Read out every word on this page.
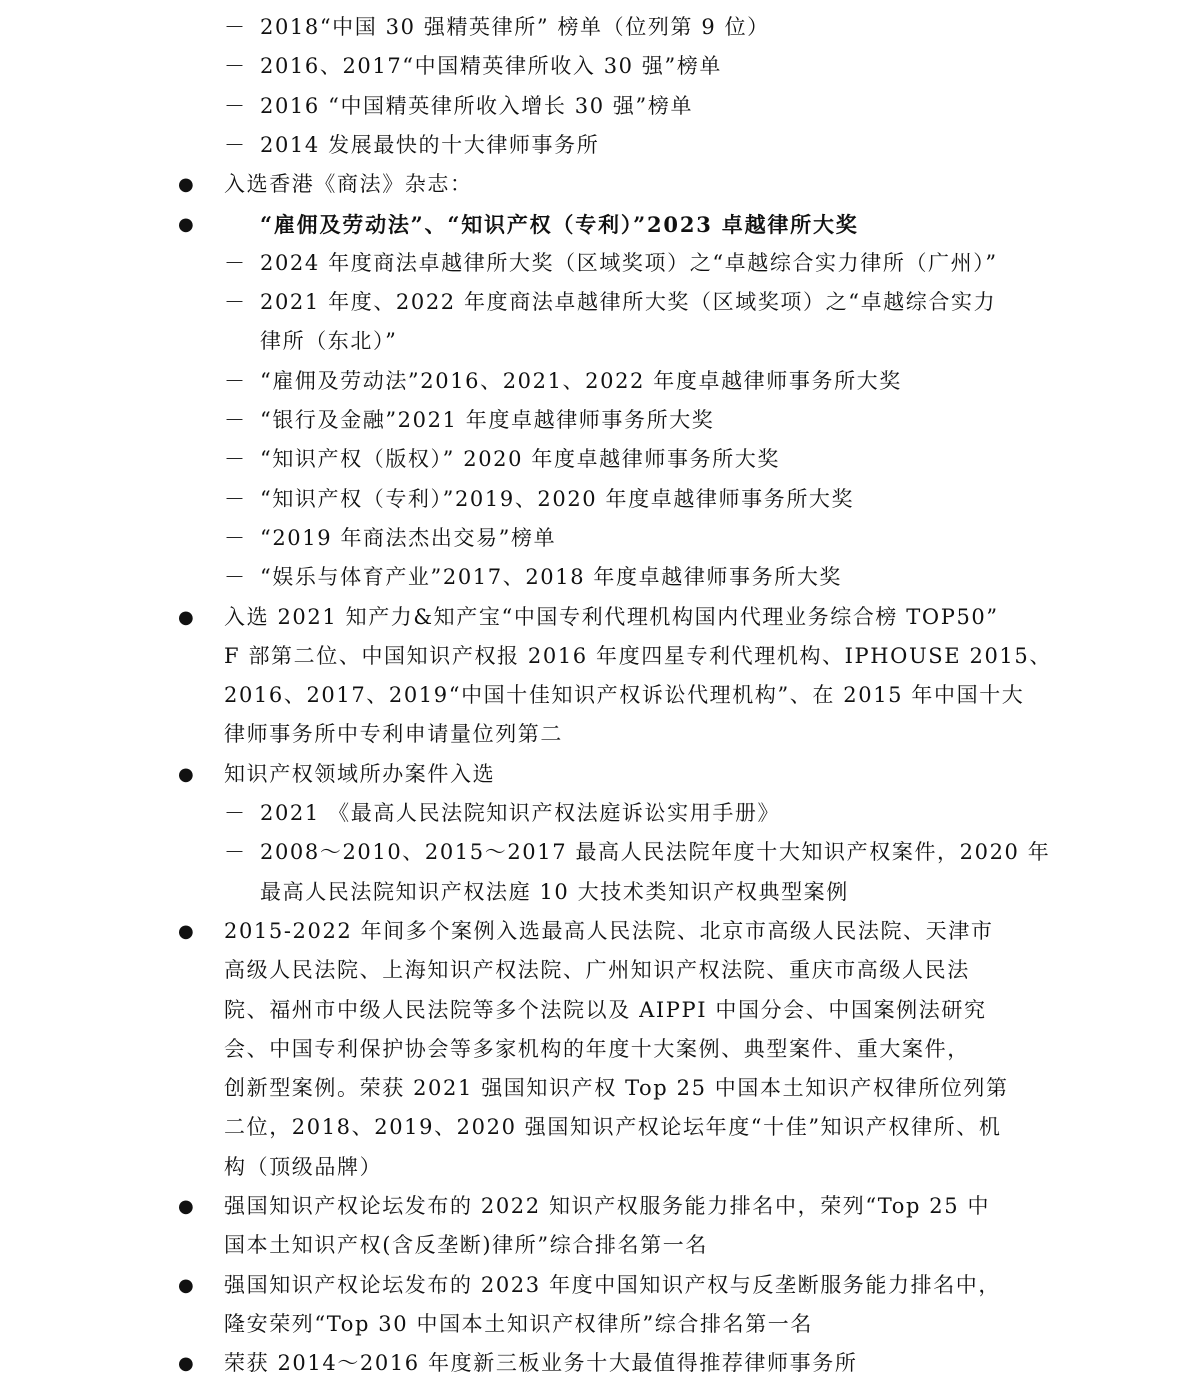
－ 2018“中国 30 强精英律所” 榜单（位列第 9 位）
－ 2016、2017“中国精英律所收入 30 强”榜单
－ 2016 “中国精英律所收入增长 30 强”榜单
－ 2014 发展最快的十大律师事务所
● 入选香港《商法》杂志：
●	“雇佣及劳动法”、“知识产权（专利）”2023 卓越律所大奖
－ 2024 年度商法卓越律所大奖（区域奖项）之“卓越综合实力律所（广州）”
－ 2021 年度、2022 年度商法卓越律所大奖（区域奖项）之“卓越综合实力
律所（东北）”
－ “雇佣及劳动法”2016、2021、2022 年度卓越律师事务所大奖
－ “银行及金融”2021 年度卓越律师事务所大奖
－ “知识产权（版权）” 2020 年度卓越律师事务所大奖
－ “知识产权（专利）”2019、2020 年度卓越律师事务所大奖
－ “2019 年商法杰出交易”榜单
－ “娱乐与体育产业”2017、2018 年度卓越律师事务所大奖
● 入选 2021 知产力&知产宝“中国专利代理机构国内代理业务综合榜 TOP50”
F 部第二位、中国知识产权报 2016 年度四星专利代理机构、IPHOUSE 2015、
2016、2017、2019“中国十佳知识产权诉讼代理机构”、在 2015 年中国十大
律师事务所中专利申请量位列第二
● 知识产权领域所办案件入选
－ 2021 《最高人民法院知识产权法庭诉讼实用手册》
－ 2008～2010、2015～2017 最高人民法院年度十大知识产权案件，2020 年
最高人民法院知识产权法庭 10 大技术类知识产权典型案例
● 2015-2022 年间多个案例入选最高人民法院、北京市高级人民法院、天津市
高级人民法院、上海知识产权法院、广州知识产权法院、重庆市高级人民法
院、福州市中级人民法院等多个法院以及 AIPPI 中国分会、中国案例法研究
会、中国专利保护协会等多家机构的年度十大案例、典型案件、重大案件，
创新型案例。荣获 2021 强国知识产权 Top 25 中国本土知识产权律所位列第
二位，2018、2019、2020 强国知识产权论坛年度“十佳”知识产权律所、机
构（顶级品牌）
● 强国知识产权论坛发布的 2022 知识产权服务能力排名中，荣列“Top 25 中
国本土知识产权(含反垄断)律所”综合排名第一名
● 强国知识产权论坛发布的 2023 年度中国知识产权与反垄断服务能力排名中，
隆安荣列“Top 30 中国本土知识产权律所”综合排名第一名
● 荣获 2014～2016 年度新三板业务十大最值得推荐律师事务所
